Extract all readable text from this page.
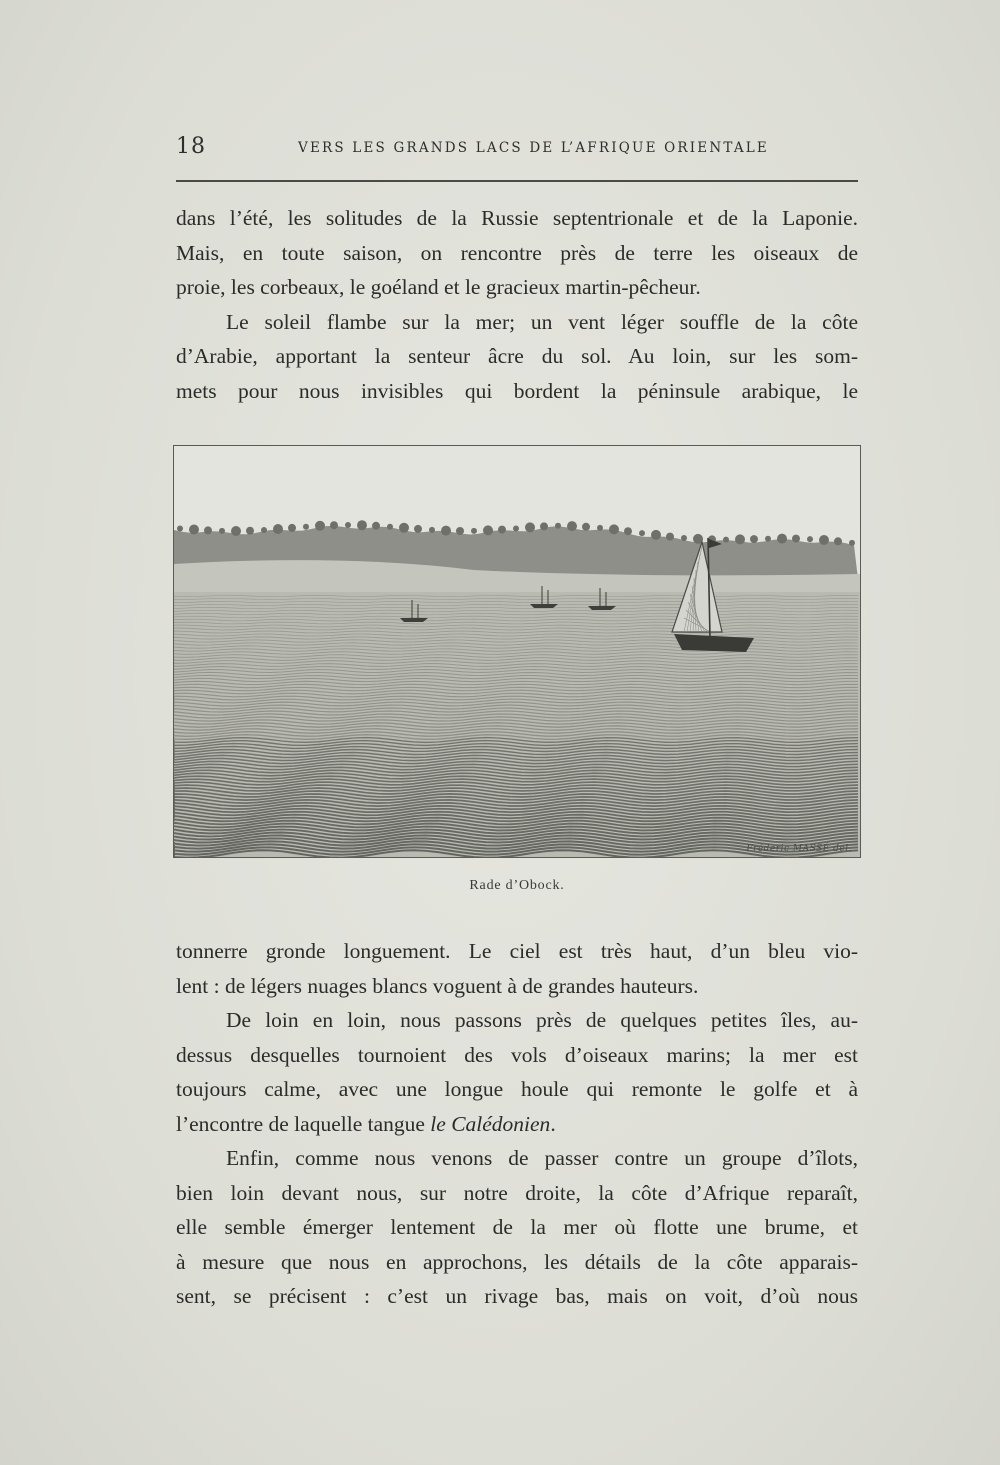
18	VERS LES GRANDS LACS DE L’AFRIQUE ORIENTALE

dans l’été, les solitudes de la Russie septentrionale et de la Laponie.

Mais, en toute saison, on rencontre près de terre les oiseaux de

proie, les corbeaux, le goéland et le gracieux martin-pêcheur.

Le soleil flambe sur la mer; un vent léger souffle de la côte

d’Arabie, apportant la senteur âcre du sol. Au loin, sur les som-

mets pour nous invisibles qui bordent la péninsule arabique, le

Fréderic MASSÉ del.
Rade d’Obock.

tonnerre gronde longuement. Le ciel est très haut, d’un bleu vio-

lent : de légers nuages blancs voguent à de grandes hauteurs.

De loin en loin, nous passons près de quelques petites îles, au-

dessus desquelles tournoient des vols d’oiseaux marins; la mer est

toujours calme, avec une longue houle qui remonte le golfe et à

l’encontre de laquelle tangue le Calédonien.

Enfin, comme nous venons de passer contre un groupe d’îlots,

bien loin devant nous, sur notre droite, la côte d’Afrique reparaît,

elle semble émerger lentement de la mer où flotte une brume, et

à mesure que nous en approchons, les détails de la côte apparais-

sent, se précisent : c’est un rivage bas, mais on voit, d’où nous
